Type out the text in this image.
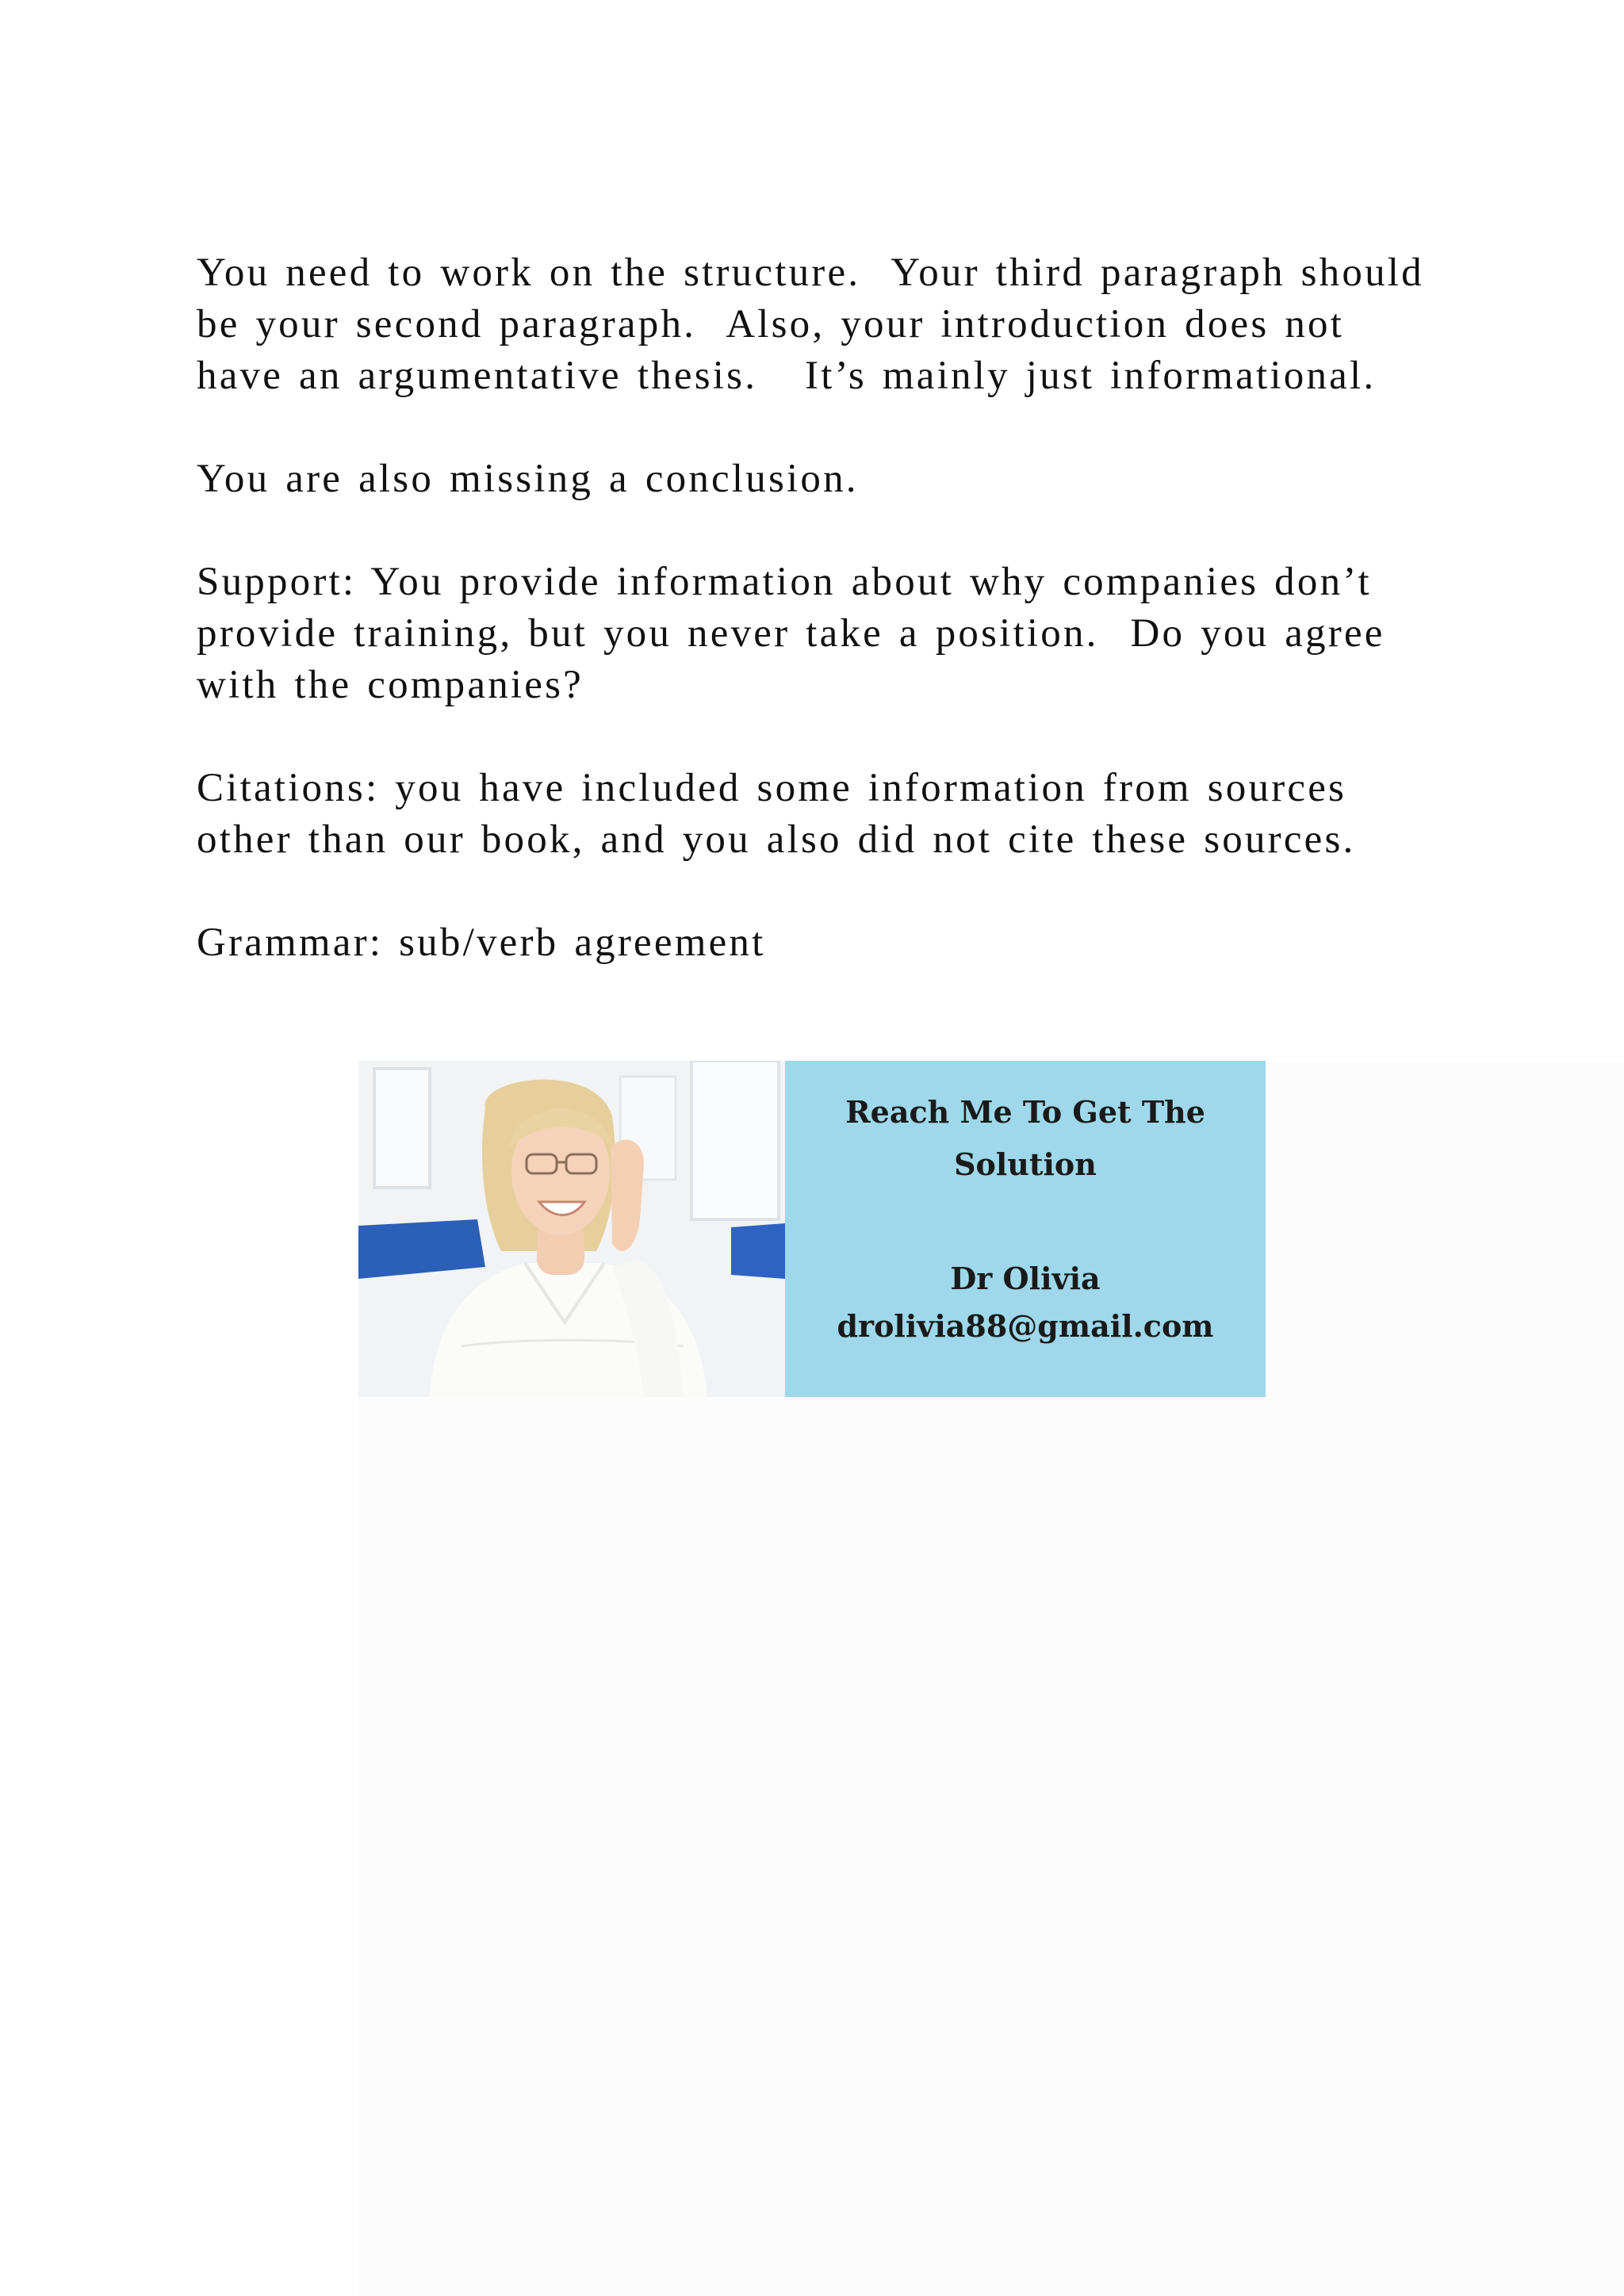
You need to work on the structure.  Your third paragraph should
be your second paragraph.  Also, your introduction does not
have an argumentative thesis.   It’s mainly just informational.

You are also missing a conclusion.

Support: You provide information about why companies don’t
provide training, but you never take a position.  Do you agree
with the companies?

Citations: you have included some information from sources
other than our book, and you also did not cite these sources.

Grammar: sub/verb agreement

Reach Me To Get The
Solution
Dr Olivia
drolivia88@gmail.com
